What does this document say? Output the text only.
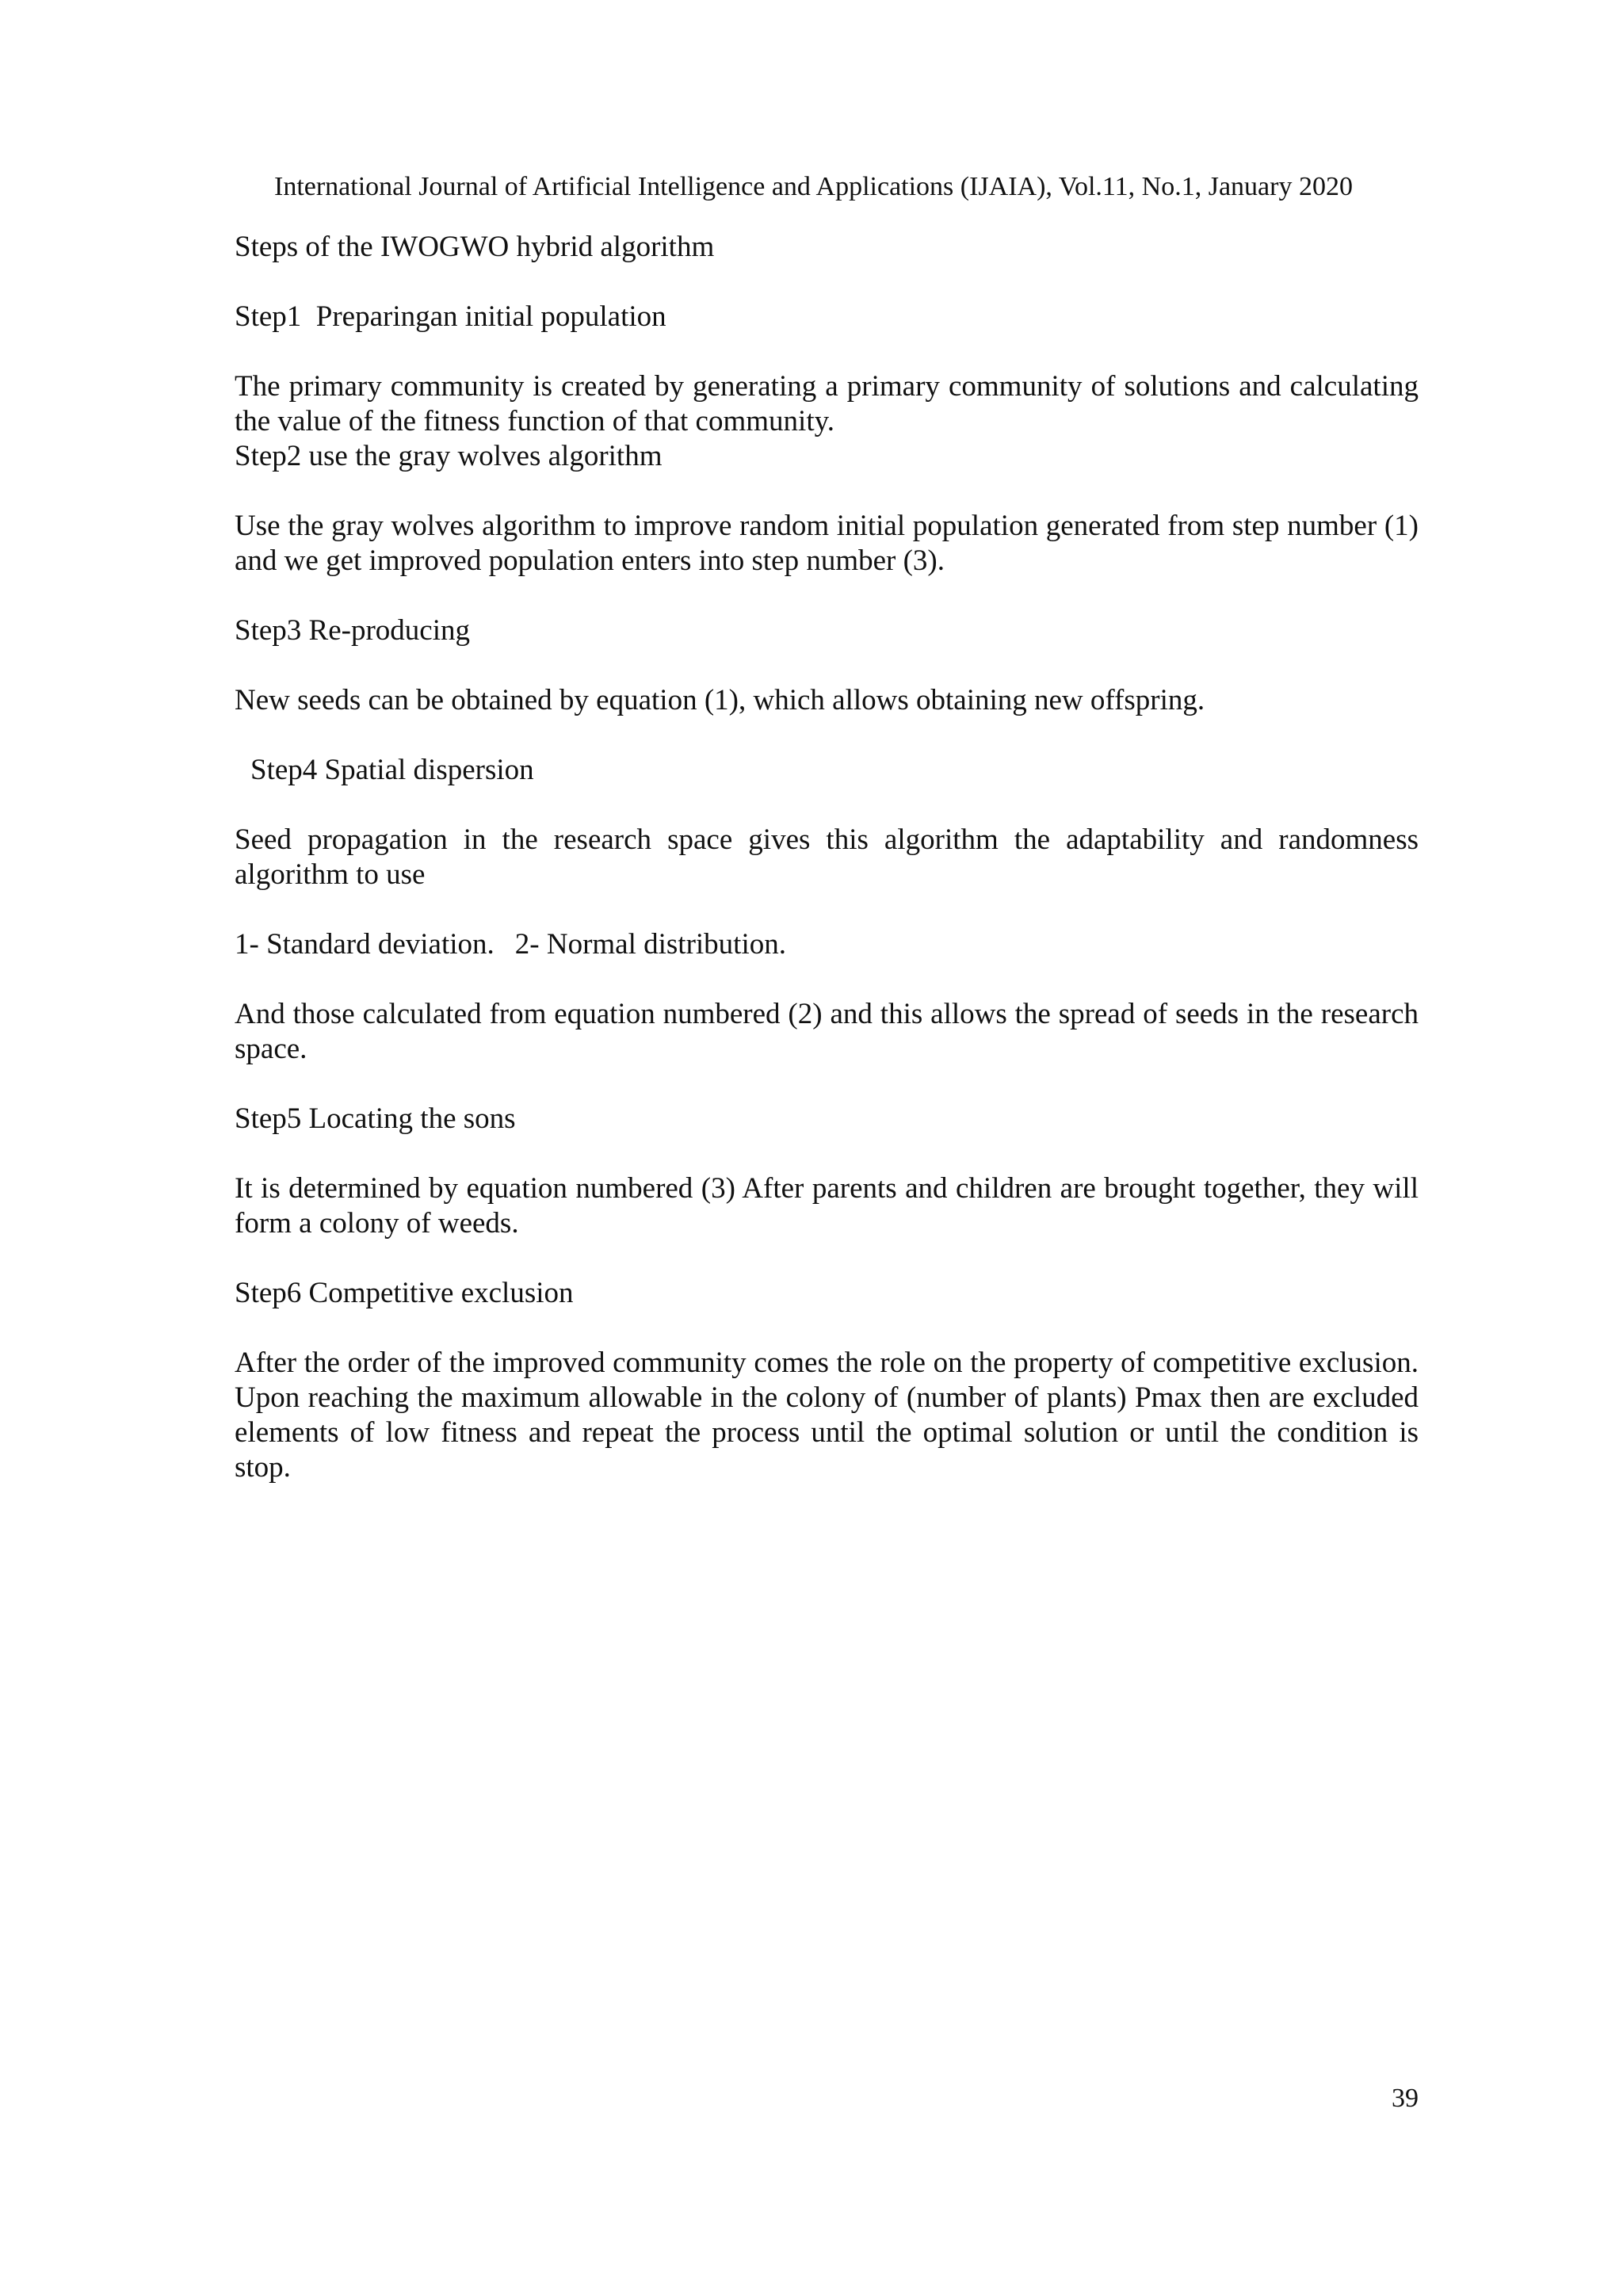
International Journal of Artificial Intelligence and Applications (IJAIA), Vol.11, No.1, January 2020

Steps of the IWOGWO hybrid algorithm

Step1  Preparingan initial population

The primary community is created by generating a primary community of solutions and calculating the value of the fitness function of that community.

Step2 use the gray wolves algorithm

Use the gray wolves algorithm to improve random initial population generated from step number (1) and we get improved population enters into step number (3).

Step3 Re-producing

New seeds can be obtained by equation (1), which allows obtaining new offspring.

Step4 Spatial dispersion

Seed propagation in the research space gives this algorithm the adaptability and randomness algorithm to use

1- Standard deviation. 2- Normal distribution.

And those calculated from equation numbered (2) and this allows the spread of seeds in the research space.

Step5 Locating the sons

It is determined by equation numbered (3) After parents and children are brought together, they will form a colony of weeds.

Step6 Competitive exclusion

After the order of the improved community comes the role on the property of competitive exclusion. Upon reaching the maximum allowable in the colony of (number of plants) Pmax then are excluded elements of low fitness and repeat the process until the optimal solution or until the condition is stop.

39
